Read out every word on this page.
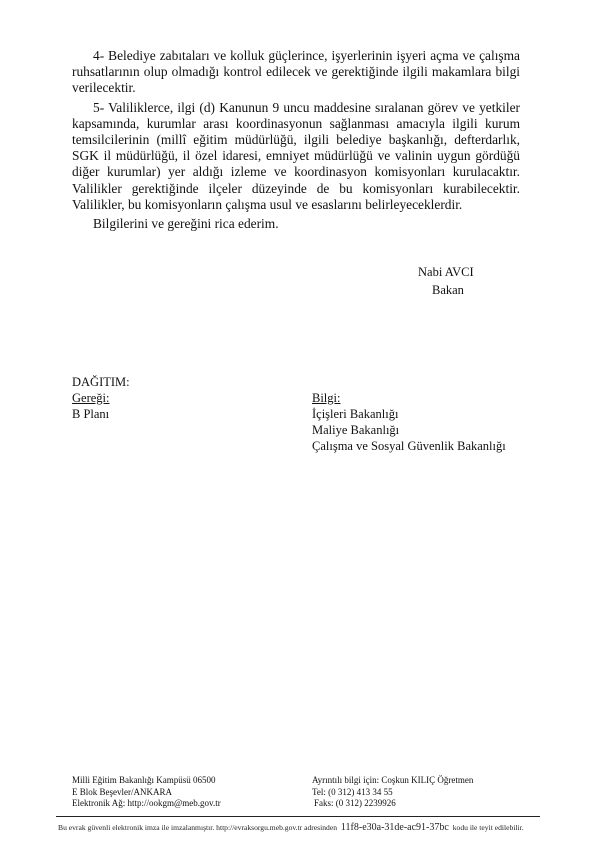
4- Belediye zabıtaları ve kolluk güçlerince, işyerlerinin işyeri açma ve çalışma ruhsatlarının olup olmadığı kontrol edilecek ve gerektiğinde ilgili makamlara bilgi verilecektir.

5- Valiliklerce, ilgi (d) Kanunun 9 uncu maddesine sıralanan görev ve yetkiler kapsamında, kurumlar arası koordinasyonun sağlanması amacıyla ilgili kurum temsilcilerinin (millî eğitim müdürlüğü, ilgili belediye başkanlığı, defterdarlık, SGK il müdürlüğü, il özel idaresi, emniyet müdürlüğü ve valinin uygun gördüğü diğer kurumlar) yer aldığı izleme ve koordinasyon komisyonları kurulacaktır. Valilikler gerektiğinde ilçeler düzeyinde de bu komisyonları kurabilecektir. Valilikler, bu komisyonların çalışma usul ve esaslarını belirleyeceklerdir.

Bilgilerini ve gereğini rica ederim.

Nabi AVCI
Bakan
DAĞITIM:
Gereği:
B Planı
Bilgi:
İçişleri Bakanlığı
Maliye Bakanlığı
Çalışma ve Sosyal Güvenlik Bakanlığı
Milli Eğitim Bakanlığı Kampüsü 06500
E Blok Beşevler/ANKARA
Elektronik Ağ: http://ookgm@meb.gov.tr
Ayrıntılı bilgi için: Coşkun KILIÇ Öğretmen
Tel: (0 312) 413 34 55
Faks: (0 312) 2239926
Bu evrak güvenli elektronik imza ile imzalanmıştır. http://evraksorgu.meb.gov.tr adresinden 11f8-e30a-31de-ac91-37bc kodu ile teyit edilebilir.
